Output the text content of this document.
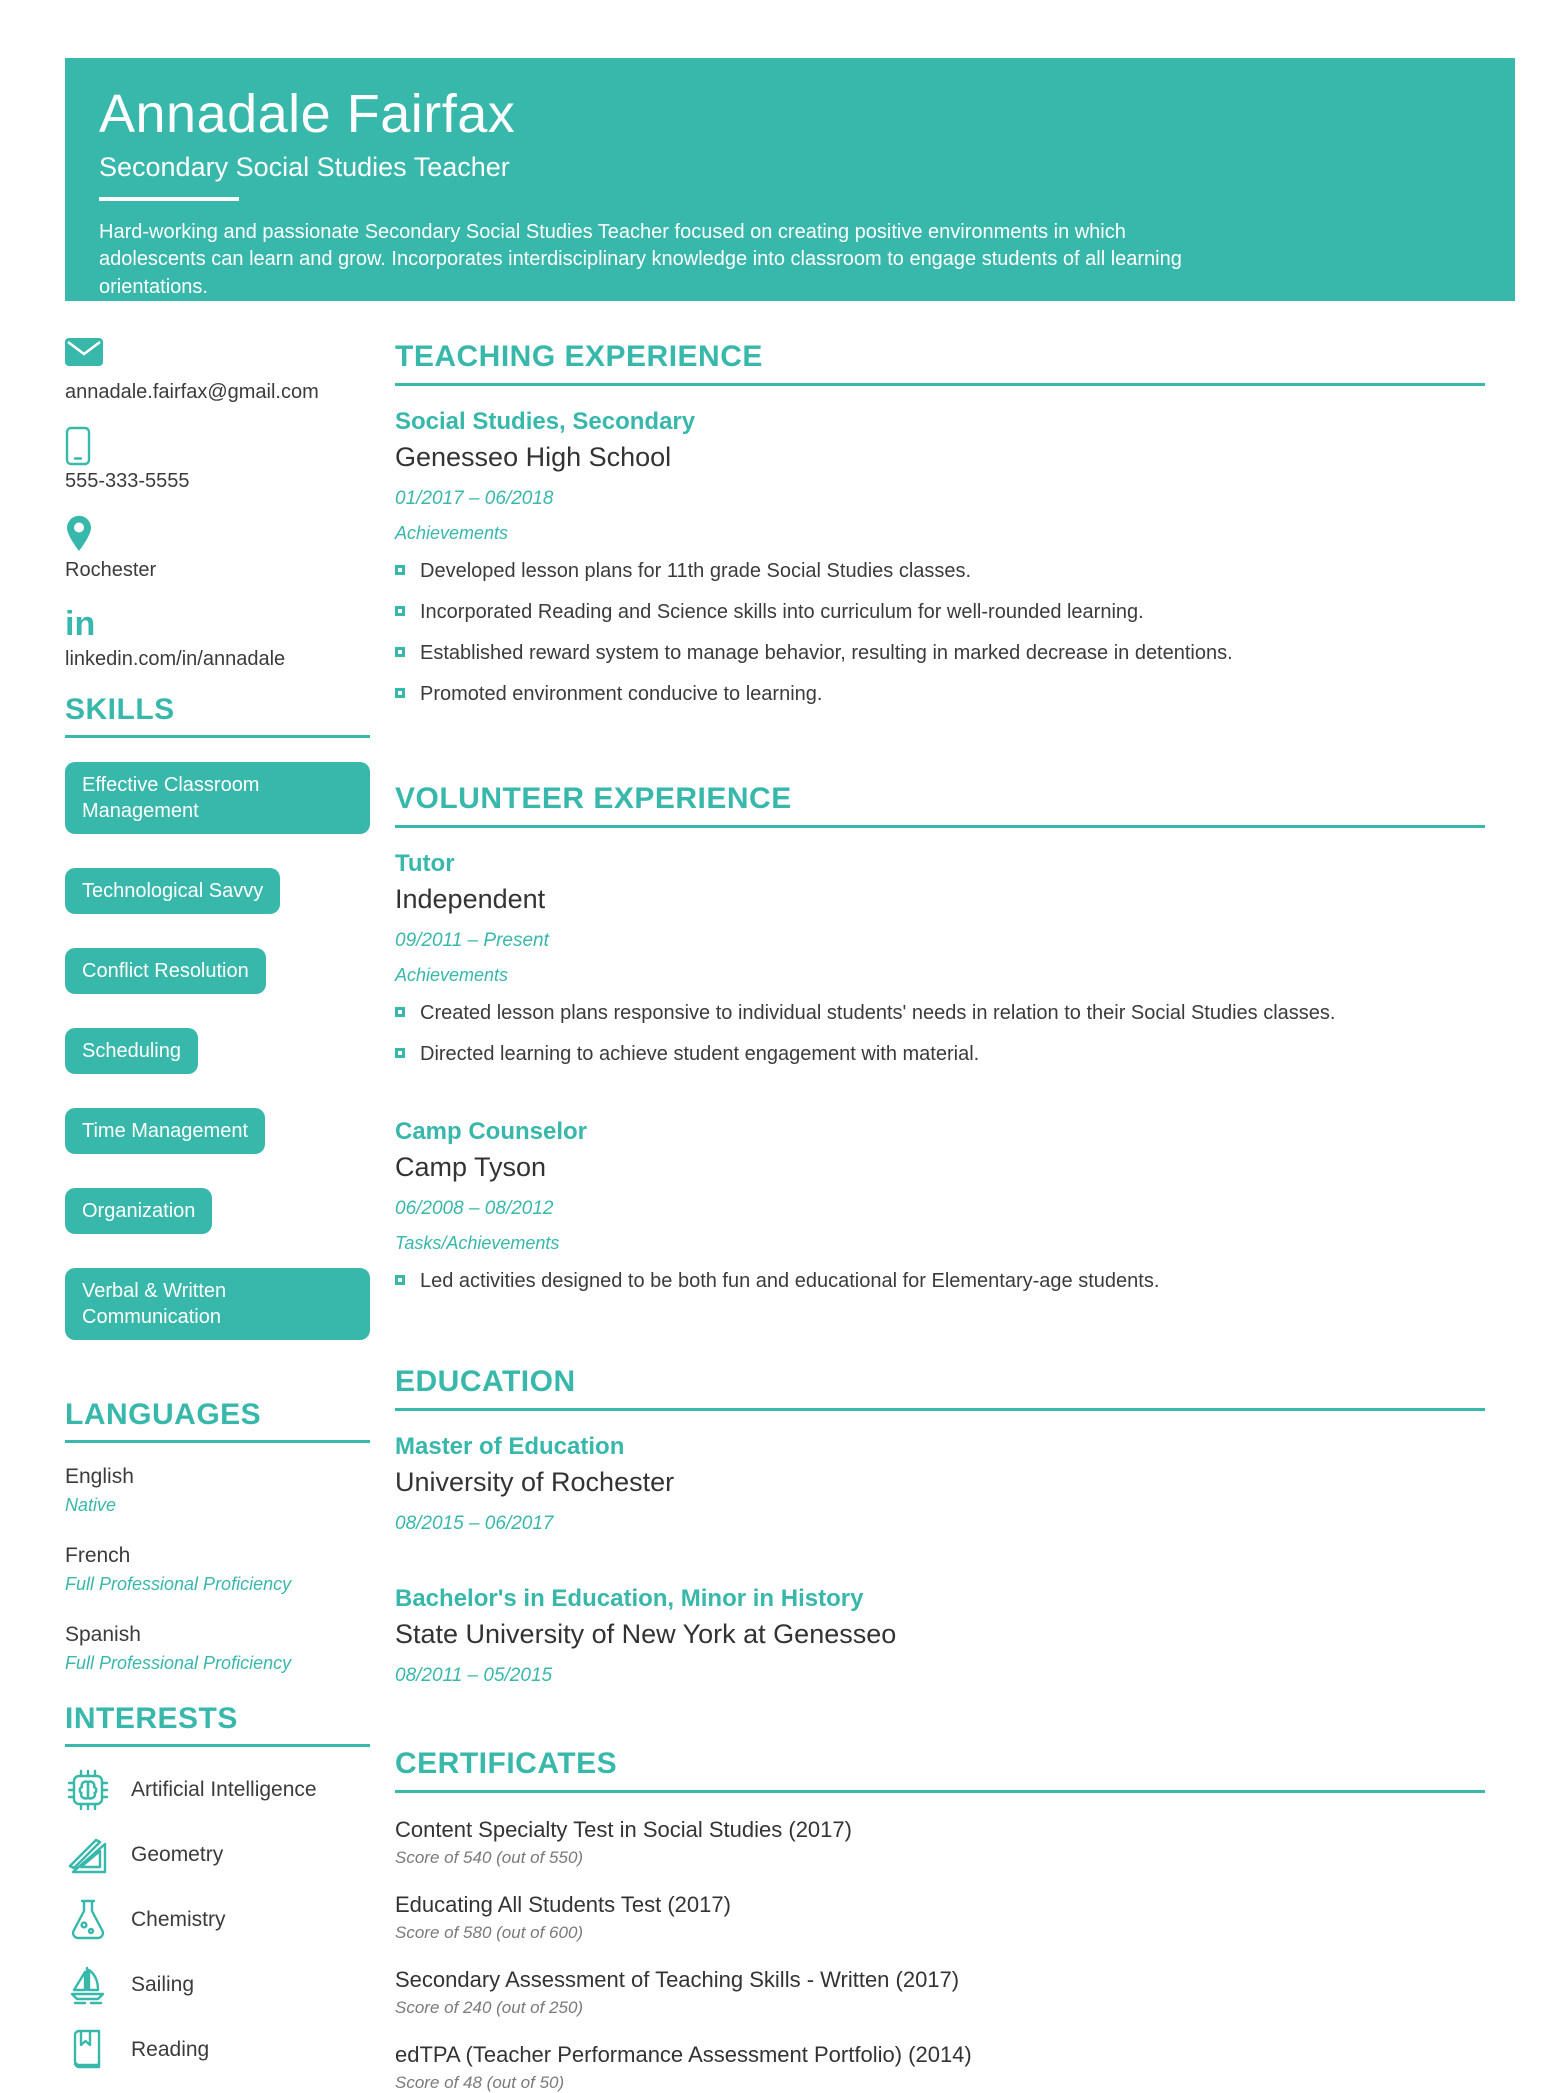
Annadale Fairfax
Secondary Social Studies Teacher
Hard-working and passionate Secondary Social Studies Teacher focused on creating positive environments in which adolescents can learn and grow. Incorporates interdisciplinary knowledge into classroom to engage students of all learning orientations.
annadale.fairfax@gmail.com
555-333-5555
Rochester
in
linkedin.com/in/annadale
SKILLS
Effective Classroom Management
Technological Savvy
Conflict Resolution
Scheduling
Time Management
Organization
Verbal & Written Communication
LANGUAGES
English
Native
French
Full Professional Proficiency
Spanish
Full Professional Proficiency
INTERESTS
Artificial Intelligence
Geometry
Chemistry
Sailing
Reading
TEACHING EXPERIENCE
Social Studies, Secondary
Genesseo High School
01/2017 – 06/2018
Achievements
Developed lesson plans for 11th grade Social Studies classes.
Incorporated Reading and Science skills into curriculum for well-rounded learning.
Established reward system to manage behavior, resulting in marked decrease in detentions.
Promoted environment conducive to learning.
VOLUNTEER EXPERIENCE
Tutor
Independent
09/2011 – Present
Achievements
Created lesson plans responsive to individual students' needs in relation to their Social Studies classes.
Directed learning to achieve student engagement with material.
Camp Counselor
Camp Tyson
06/2008 – 08/2012
Tasks/Achievements
Led activities designed to be both fun and educational for Elementary-age students.
EDUCATION
Master of Education
University of Rochester
08/2015 – 06/2017
Bachelor's in Education, Minor in History
State University of New York at Genesseo
08/2011 – 05/2015
CERTIFICATES
Content Specialty Test in Social Studies (2017)
Score of 540 (out of 550)
Educating All Students Test (2017)
Score of 580 (out of 600)
Secondary Assessment of Teaching Skills - Written (2017)
Score of 240 (out of 250)
edTPA (Teacher Performance Assessment Portfolio) (2014)
Score of 48 (out of 50)
